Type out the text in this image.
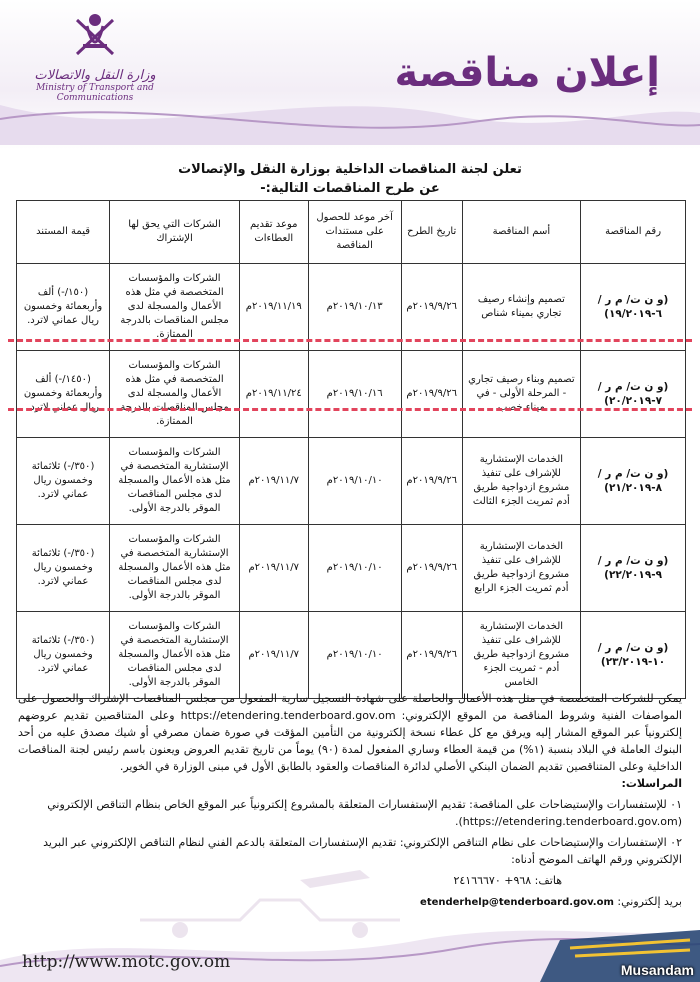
وزارة النقل والاتصالات
Ministry of Transport and Communications
إعلان مناقصة
تعلن لجنة المناقصات الداخلية بوزارة النقل والإتصالات
عن طرح المناقصات التالية:-
رقم المناقصة	أسم المناقصة	تاريخ الطرح	آخر موعد للحصول على مستندات المناقصة	موعد تقديم العطاءات	الشركات التي يحق لها الإشتراك	قيمة المستند
(و ن ت/ م ر /٦-١٩/٢٠١٩)	تصميم وإنشاء رصيف تجاري بميناء شناص	٢٠١٩/٩/٢٦م	٢٠١٩/١٠/١٣م	٢٠١٩/١١/١٩م	الشركات والمؤسسات المتخصصة في مثل هذه الأعمال والمسجلة لدى مجلس المناقصات بالدرجة الممتازة.	(١٥٠/-) ألف وأربعمائة وخمسون ريال عماني لاترد.
(و ن ت/ م ر /٧-٢٠/٢٠١٩)	تصميم وبناء رصيف تجاري - المرحلة الأولى - في ميناء خصب	٢٠١٩/٩/٢٦م	٢٠١٩/١٠/١٦م	٢٠١٩/١١/٢٤م	الشركات والمؤسسات المتخصصة في مثل هذه الأعمال والمسجلة لدى مجلس المناقصات بالدرجة الممتازة.	(١٤٥٠/-) ألف وأربعمائة وخمسون ريال عماني لاترد.
(و ن ت/ م ر /٨-٢١/٢٠١٩)	الخدمات الإستشارية للإشراف على تنفيذ مشروع ازدواجية طريق أدم ثمريت الجزء الثالث	٢٠١٩/٩/٢٦م	٢٠١٩/١٠/١٠م	٢٠١٩/١١/٧م	الشركات والمؤسسات الإستشارية المتخصصة في مثل هذه الأعمال والمسجلة لدى مجلس المناقصات الموقر بالدرجة الأولى.	(٣٥٠/-) ثلاثمائة وخمسون ريال عماني لاترد.
(و ن ت/ م ر /٩-٢٢/٢٠١٩)	الخدمات الإستشارية للإشراف على تنفيذ مشروع ازدواجية طريق أدم ثمريت الجزء الرابع	٢٠١٩/٩/٢٦م	٢٠١٩/١٠/١٠م	٢٠١٩/١١/٧م	الشركات والمؤسسات الإستشارية المتخصصة في مثل هذه الأعمال والمسجلة لدى مجلس المناقصات الموقر بالدرجة الأولى.	(٣٥٠/-) ثلاثمائة وخمسون ريال عماني لاترد.
(و ن ت/ م ر /١٠-٢٣/٢٠١٩)	الخدمات الإستشارية للإشراف على تنفيذ مشروع ازدواجية طريق أدم - ثمريت الجزء الخامس	٢٠١٩/٩/٢٦م	٢٠١٩/١٠/١٠م	٢٠١٩/١١/٧م	الشركات والمؤسسات الإستشارية المتخصصة في مثل هذه الأعمال والمسجلة لدى مجلس المناقصات الموقر بالدرجة الأولى.	(٣٥٠/-) ثلاثمائة وخمسون ريال عماني لاترد.
يمكن للشركات المتخصصة في مثل هذه الأعمال والحاصلة على شهادة التسجيل سارية المفعول من مجلس المناقصات الإشتراك والحصول على المواصفات الفنية وشروط المناقصة من الموقع الإلكتروني: https://etendering.tenderboard.gov.om وعلى المتناقصين تقديم عروضهم إلكترونياً عبر الموقع المشار إليه ويرفق مع كل عطاء نسخة إلكترونية من التأمين المؤقت في صورة ضمان مصرفي أو شيك مصدق عليه من أحد البنوك العاملة في البلاد بنسبة (١%) من قيمة العطاء وساري المفعول لمدة (٩٠) يوماً من تاريخ تقديم العروض ويعنون باسم رئيس لجنة المناقصات الداخلية وعلى المتناقصين تقديم الضمان البنكي الأصلي لدائرة المناقصات والعقود بالطابق الأول في مبنى الوزارة في الخوير.

المراسلات:

٠١ للإستفسارات والإستيضاحات على المناقصة: تقديم الإستفسارات المتعلقة بالمشروع إلكترونياً عبر الموقع الخاص بنظام التناقص الإلكتروني (https://etendering.tenderboard.gov.om).

٠٢ الإستفسارات والإستيضاحات على نظام التناقص الإلكتروني: تقديم الإستفسارات المتعلقة بالدعم الفني لنظام التناقص الإلكتروني عبر البريد الإلكتروني ورقم الهاتف الموضح أدناه:

هاتف: ٩٦٨+ ٢٤١٦٦٦٧٠

بريد إلكتروني: etenderhelp@tenderboard.gov.om

http://www.motc.gov.om	Musandam
